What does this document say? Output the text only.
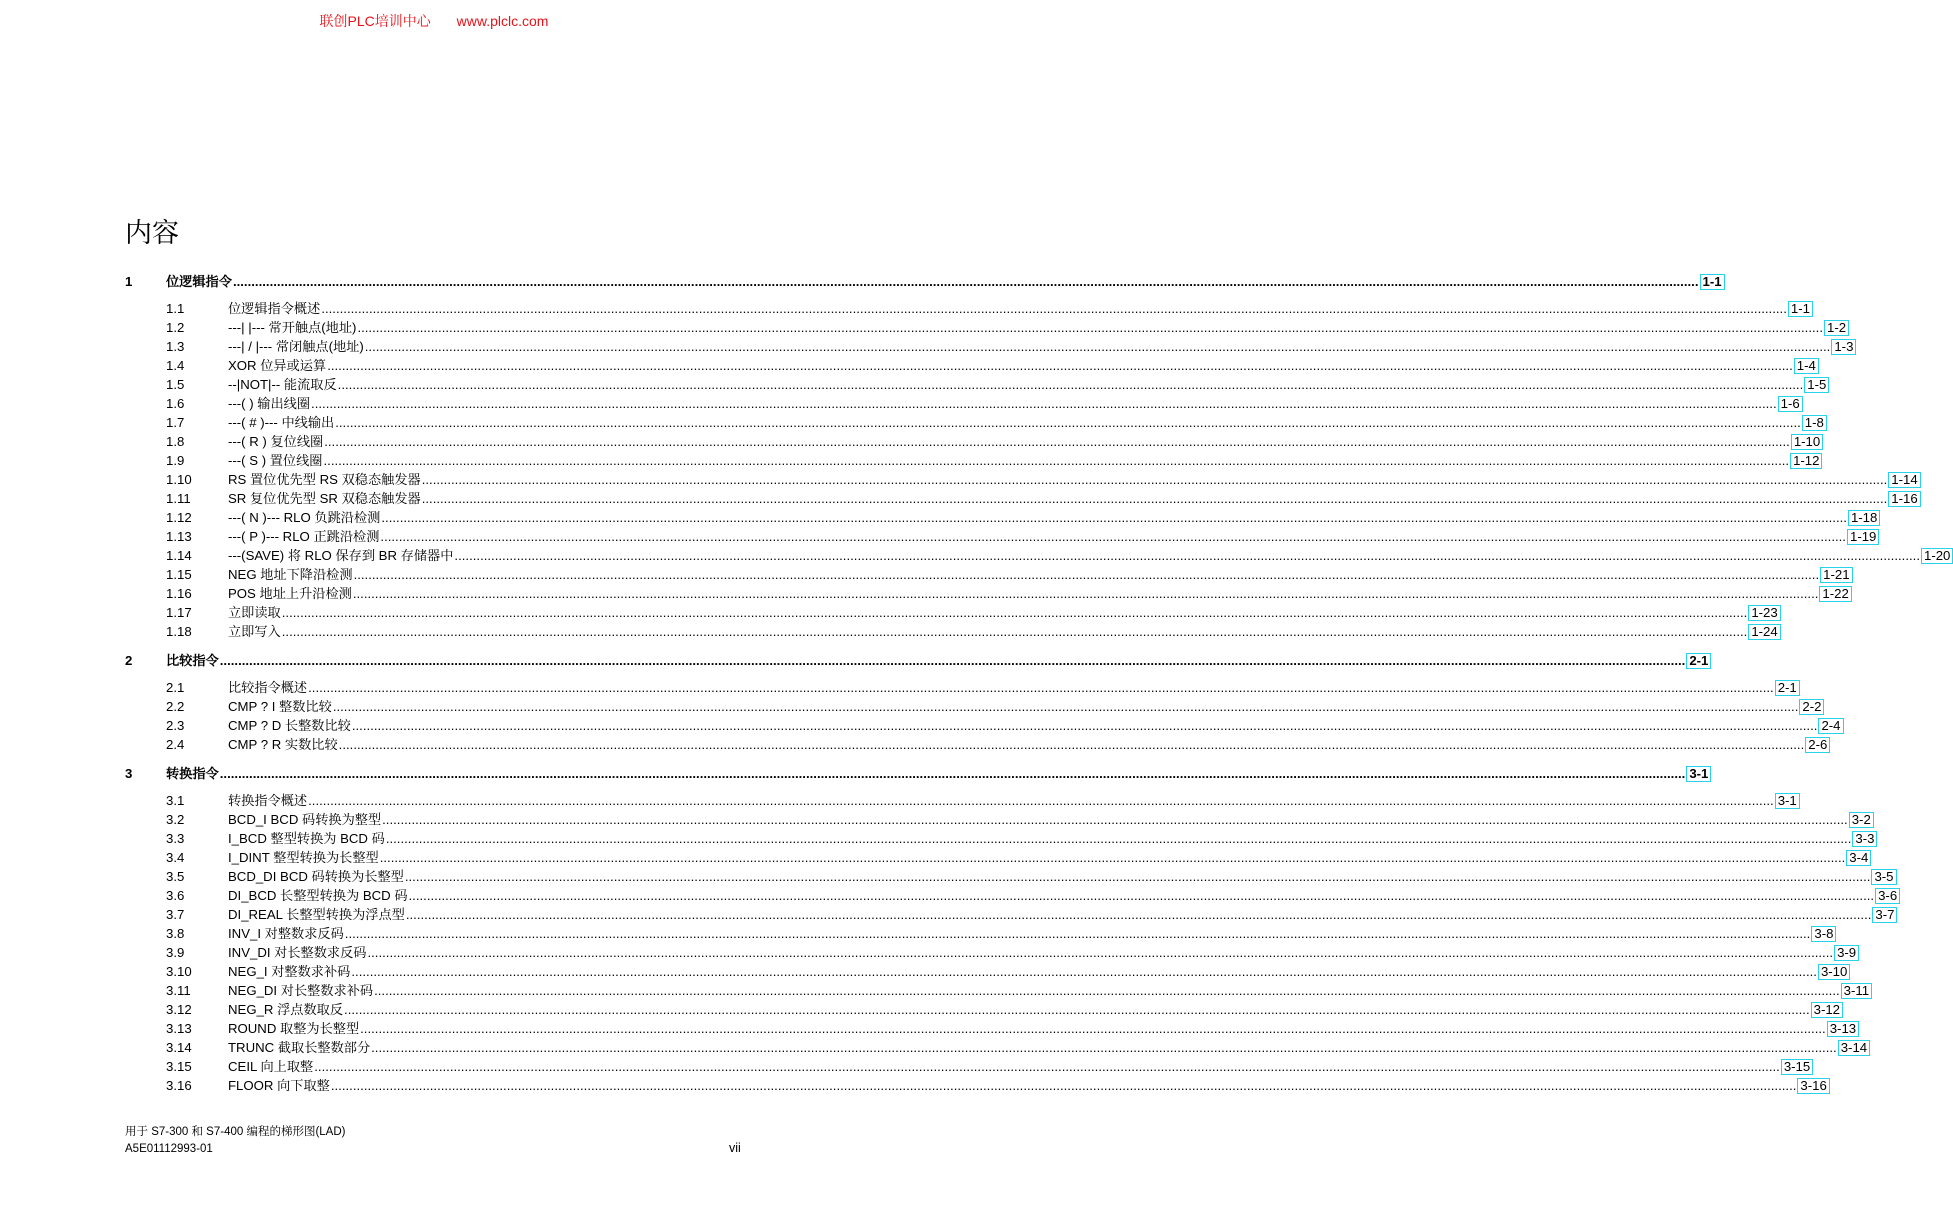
联创PLC培训中心 www.plclc.com
内容
1	位逻辑指令 ................................................................................................................................................................................................................................................................................................................................................................................................................ 1-1
1.1	位逻辑指令概述 ................................................................................................................................................................................................................................................................................................................................................................................................................ 1-1
1.2	---| |--- 常开触点(地址) ................................................................................................................................................................................................................................................................................................................................................................................................................ 1-2
1.3	---| / |--- 常闭触点(地址) ................................................................................................................................................................................................................................................................................................................................................................................................................ 1-3
1.4	XOR 位异或运算 ................................................................................................................................................................................................................................................................................................................................................................................................................ 1-4
1.5	--|NOT|-- 能流取反 ................................................................................................................................................................................................................................................................................................................................................................................................................ 1-5
1.6	---( ) 输出线圈 ................................................................................................................................................................................................................................................................................................................................................................................................................ 1-6
1.7	---( # )--- 中线输出 ................................................................................................................................................................................................................................................................................................................................................................................................................ 1-8
1.8	---( R ) 复位线圈 ................................................................................................................................................................................................................................................................................................................................................................................................................ 1-10
1.9	---( S ) 置位线圈 ................................................................................................................................................................................................................................................................................................................................................................................................................ 1-12
1.10	RS 置位优先型 RS 双稳态触发器 ................................................................................................................................................................................................................................................................................................................................................................................................................ 1-14
1.11	SR 复位优先型 SR 双稳态触发器 ................................................................................................................................................................................................................................................................................................................................................................................................................ 1-16
1.12	---( N )--- RLO 负跳沿检测 ................................................................................................................................................................................................................................................................................................................................................................................................................ 1-18
1.13	---( P )--- RLO 正跳沿检测 ................................................................................................................................................................................................................................................................................................................................................................................................................ 1-19
1.14	---(SAVE) 将 RLO 保存到 BR 存储器中 ................................................................................................................................................................................................................................................................................................................................................................................................................ 1-20
1.15	NEG 地址下降沿检测 ................................................................................................................................................................................................................................................................................................................................................................................................................ 1-21
1.16	POS 地址上升沿检测 ................................................................................................................................................................................................................................................................................................................................................................................................................ 1-22
1.17	立即读取 ................................................................................................................................................................................................................................................................................................................................................................................................................ 1-23
1.18	立即写入 ................................................................................................................................................................................................................................................................................................................................................................................................................ 1-24
2	比较指令 ................................................................................................................................................................................................................................................................................................................................................................................................................ 2-1
2.1	比较指令概述 ................................................................................................................................................................................................................................................................................................................................................................................................................ 2-1
2.2	CMP ? I 整数比较 ................................................................................................................................................................................................................................................................................................................................................................................................................ 2-2
2.3	CMP ? D 长整数比较 ................................................................................................................................................................................................................................................................................................................................................................................................................ 2-4
2.4	CMP ? R 实数比较 ................................................................................................................................................................................................................................................................................................................................................................................................................ 2-6
3	转换指令 ................................................................................................................................................................................................................................................................................................................................................................................................................ 3-1
3.1	转换指令概述 ................................................................................................................................................................................................................................................................................................................................................................................................................ 3-1
3.2	BCD_I BCD 码转换为整型 ................................................................................................................................................................................................................................................................................................................................................................................................................ 3-2
3.3	I_BCD 整型转换为 BCD 码 ................................................................................................................................................................................................................................................................................................................................................................................................................ 3-3
3.4	I_DINT 整型转换为长整型 ................................................................................................................................................................................................................................................................................................................................................................................................................ 3-4
3.5	BCD_DI BCD 码转换为长整型 ................................................................................................................................................................................................................................................................................................................................................................................................................ 3-5
3.6	DI_BCD 长整型转换为 BCD 码 ................................................................................................................................................................................................................................................................................................................................................................................................................ 3-6
3.7	DI_REAL 长整型转换为浮点型 ................................................................................................................................................................................................................................................................................................................................................................................................................ 3-7
3.8	INV_I 对整数求反码 ................................................................................................................................................................................................................................................................................................................................................................................................................ 3-8
3.9	INV_DI 对长整数求反码 ................................................................................................................................................................................................................................................................................................................................................................................................................ 3-9
3.10	NEG_I 对整数求补码 ................................................................................................................................................................................................................................................................................................................................................................................................................ 3-10
3.11	NEG_DI 对长整数求补码 ................................................................................................................................................................................................................................................................................................................................................................................................................ 3-11
3.12	NEG_R 浮点数取反 ................................................................................................................................................................................................................................................................................................................................................................................................................ 3-12
3.13	ROUND 取整为长整型 ................................................................................................................................................................................................................................................................................................................................................................................................................ 3-13
3.14	TRUNC 截取长整数部分 ................................................................................................................................................................................................................................................................................................................................................................................................................ 3-14
3.15	CEIL 向上取整 ................................................................................................................................................................................................................................................................................................................................................................................................................ 3-15
3.16	FLOOR 向下取整 ................................................................................................................................................................................................................................................................................................................................................................................................................ 3-16
用于 S7-300 和 S7-400 编程的梯形图(LAD)
A5E01112993-01	vii
